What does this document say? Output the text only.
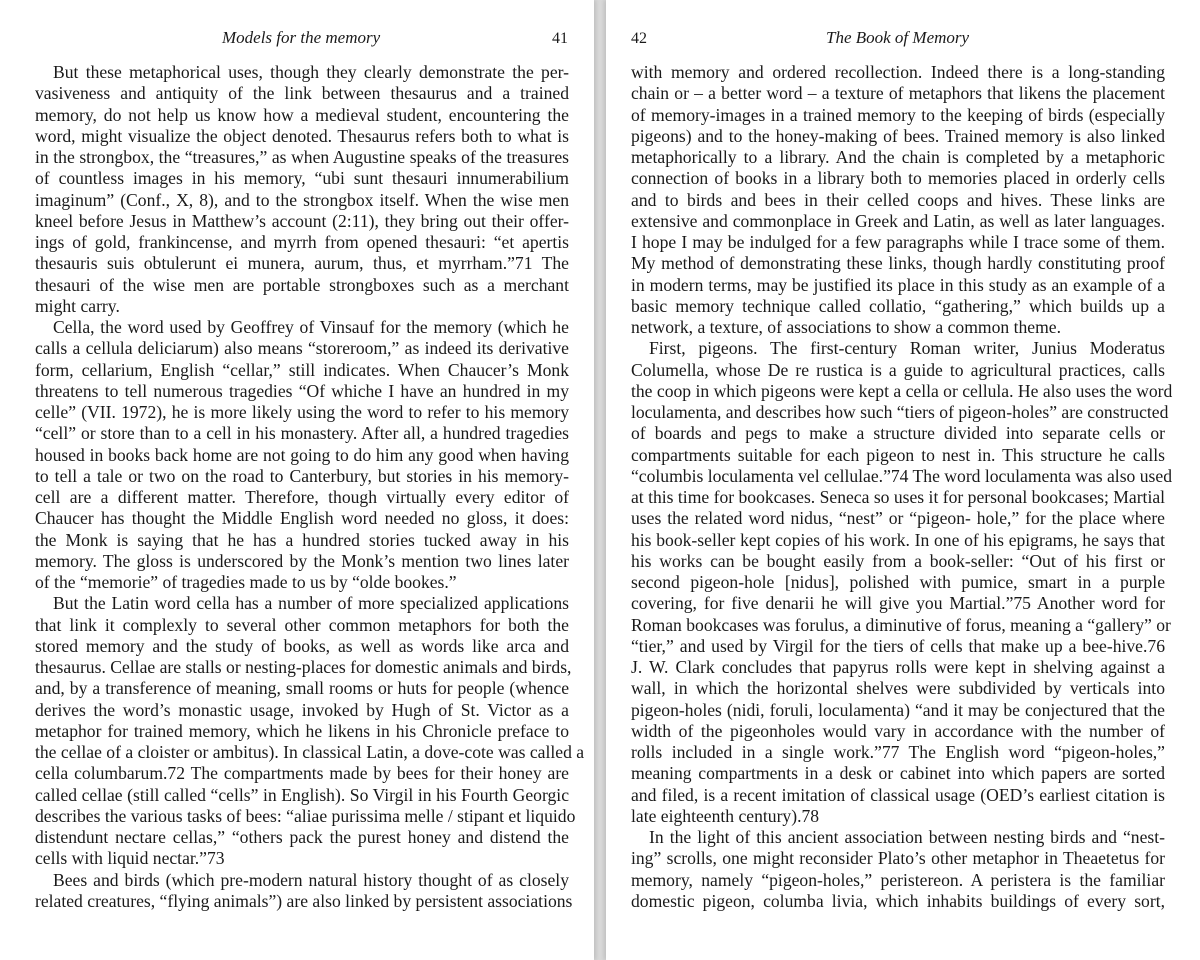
Models for the memory	41
But these metaphorical uses, though they clearly demonstrate the per-
vasiveness and antiquity of the link between thesaurus and a trained
memory, do not help us know how a medieval student, encountering the
word, might visualize the object denoted. Thesaurus refers both to what is
in the strongbox, the “treasures,” as when Augustine speaks of the treasures
of countless images in his memory, “ubi sunt thesauri innumerabilium
imaginum” (Conf., X, 8), and to the strongbox itself. When the wise men
kneel before Jesus in Matthew’s account (2:11), they bring out their offer-
ings of gold, frankincense, and myrrh from opened thesauri: “et apertis
thesauris suis obtulerunt ei munera, aurum, thus, et myrrham.”71 The
thesauri of the wise men are portable strongboxes such as a merchant
might carry.
Cella, the word used by Geoffrey of Vinsauf for the memory (which he
calls a cellula deliciarum) also means “storeroom,” as indeed its derivative
form, cellarium, English “cellar,” still indicates. When Chaucer’s Monk
threatens to tell numerous tragedies “Of whiche I have an hundred in my
celle” (VII. 1972), he is more likely using the word to refer to his memory
“cell” or store than to a cell in his monastery. After all, a hundred tragedies
housed in books back home are not going to do him any good when having
to tell a tale or two on the road to Canterbury, but stories in his memory-
cell are a different matter. Therefore, though virtually every editor of
Chaucer has thought the Middle English word needed no gloss, it does:
the Monk is saying that he has a hundred stories tucked away in his
memory. The gloss is underscored by the Monk’s mention two lines later
of the “memorie” of tragedies made to us by “olde bookes.”
But the Latin word cella has a number of more specialized applications
that link it complexly to several other common metaphors for both the
stored memory and the study of books, as well as words like arca and
thesaurus. Cellae are stalls or nesting-places for domestic animals and birds,
and, by a transference of meaning, small rooms or huts for people (whence
derives the word’s monastic usage, invoked by Hugh of St. Victor as a
metaphor for trained memory, which he likens in his Chronicle preface to
the cellae of a cloister or ambitus). In classical Latin, a dove-cote was called a
cella columbarum.72 The compartments made by bees for their honey are
called cellae (still called “cells” in English). So Virgil in his Fourth Georgic
describes the various tasks of bees: “aliae purissima melle / stipant et liquido
distendunt nectare cellas,” “others pack the purest honey and distend the
cells with liquid nectar.”73
Bees and birds (which pre-modern natural history thought of as closely
related creatures, “flying animals”) are also linked by persistent associations
42	The Book of Memory
with memory and ordered recollection. Indeed there is a long-standing
chain or – a better word – a texture of metaphors that likens the placement
of memory-images in a trained memory to the keeping of birds (especially
pigeons) and to the honey-making of bees. Trained memory is also linked
metaphorically to a library. And the chain is completed by a metaphoric
connection of books in a library both to memories placed in orderly cells
and to birds and bees in their celled coops and hives. These links are
extensive and commonplace in Greek and Latin, as well as later languages.
I hope I may be indulged for a few paragraphs while I trace some of them.
My method of demonstrating these links, though hardly constituting proof
in modern terms, may be justified its place in this study as an example of a
basic memory technique called collatio, “gathering,” which builds up a
network, a texture, of associations to show a common theme.
First, pigeons. The first-century Roman writer, Junius Moderatus
Columella, whose De re rustica is a guide to agricultural practices, calls
the coop in which pigeons were kept a cella or cellula. He also uses the word
loculamenta, and describes how such “tiers of pigeon-holes” are constructed
of boards and pegs to make a structure divided into separate cells or
compartments suitable for each pigeon to nest in. This structure he calls
“columbis loculamenta vel cellulae.”74 The word loculamenta was also used
at this time for bookcases. Seneca so uses it for personal bookcases; Martial
uses the related word nidus, “nest” or “pigeon- hole,” for the place where
his book-seller kept copies of his work. In one of his epigrams, he says that
his works can be bought easily from a book-seller: “Out of his first or
second pigeon-hole [nidus], polished with pumice, smart in a purple
covering, for five denarii he will give you Martial.”75 Another word for
Roman bookcases was forulus, a diminutive of forus, meaning a “gallery” or
“tier,” and used by Virgil for the tiers of cells that make up a bee-hive.76
J. W. Clark concludes that papyrus rolls were kept in shelving against a
wall, in which the horizontal shelves were subdivided by verticals into
pigeon-holes (nidi, foruli, loculamenta) “and it may be conjectured that the
width of the pigeonholes would vary in accordance with the number of
rolls included in a single work.”77 The English word “pigeon-holes,”
meaning compartments in a desk or cabinet into which papers are sorted
and filed, is a recent imitation of classical usage (OED’s earliest citation is
late eighteenth century).78
In the light of this ancient association between nesting birds and “nest-
ing” scrolls, one might reconsider Plato’s other metaphor in Theaetetus for
memory, namely “pigeon-holes,” peristereon. A peristera is the familiar
domestic pigeon, columba livia, which inhabits buildings of every sort,
